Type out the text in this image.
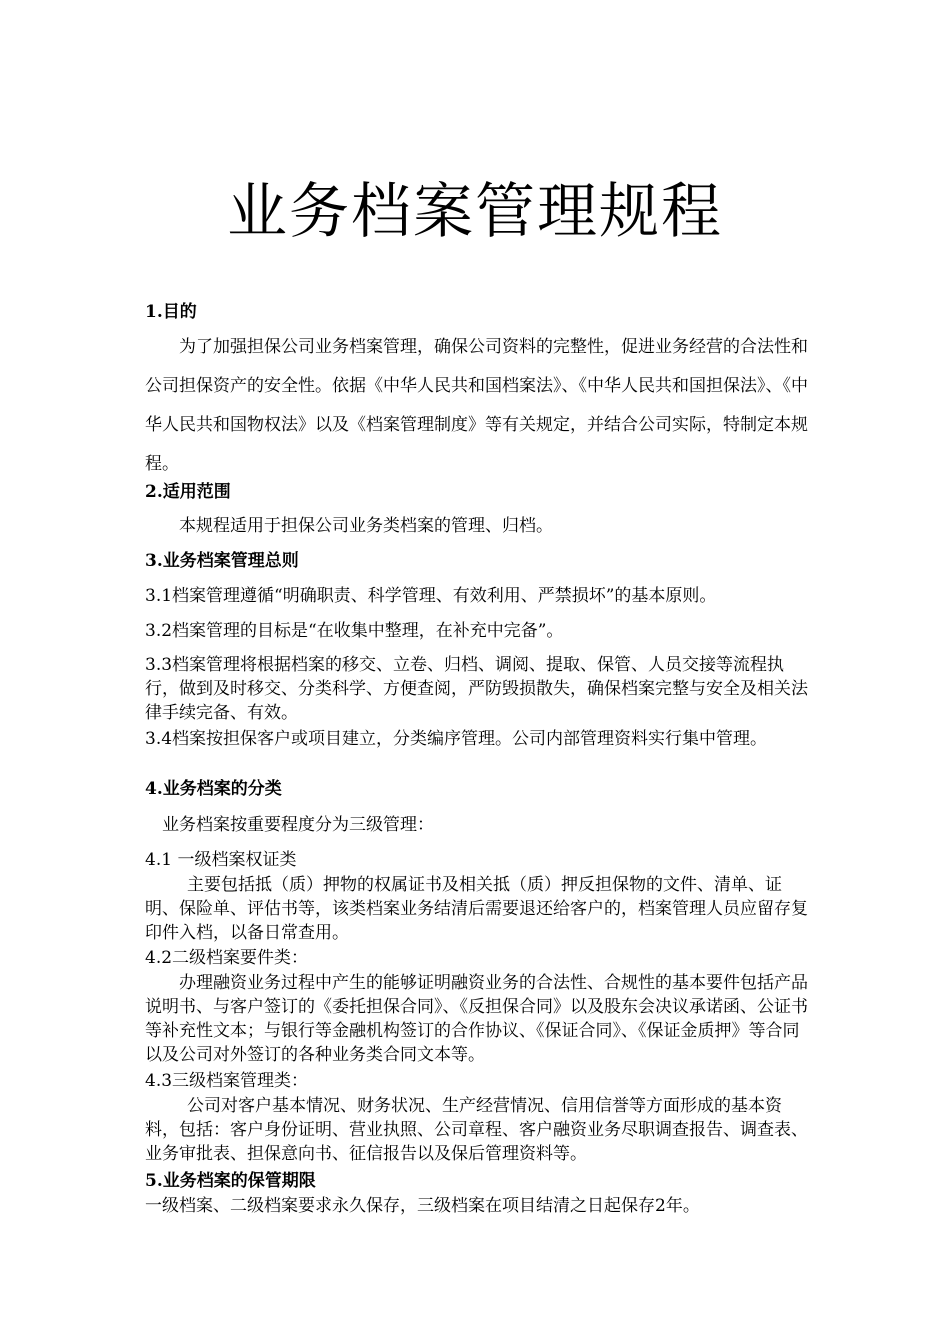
业务档案管理规程
1.目的
为了加强担保公司业务档案管理，确保公司资料的完整性，促进业务经营的合法性和公司担保资产的安全性。依据《中华人民共和国档案法》、《中华人民共和国担保法》、《中华人民共和国物权法》以及《档案管理制度》等有关规定，并结合公司实际，特制定本规程。
2.适用范围
本规程适用于担保公司业务类档案的管理、归档。
3.业务档案管理总则
3.1档案管理遵循“明确职责、科学管理、有效利用、严禁损坏”的基本原则。
3.2档案管理的目标是“在收集中整理，在补充中完备”。
3.3档案管理将根据档案的移交、立卷、归档、调阅、提取、保管、人员交接等流程执行，做到及时移交、分类科学、方便查阅，严防毁损散失，确保档案完整与安全及相关法律手续完备、有效。
3.4档案按担保客户或项目建立，分类编序管理。公司内部管理资料实行集中管理。
4.业务档案的分类
业务档案按重要程度分为三级管理：
4.1 一级档案权证类
主要包括抵（质）押物的权属证书及相关抵（质）押反担保物的文件、清单、证明、保险单、评估书等，该类档案业务结清后需要退还给客户的，档案管理人员应留存复印件入档，以备日常查用。
4.2二级档案要件类：
办理融资业务过程中产生的能够证明融资业务的合法性、合规性的基本要件包括产品说明书、与客户签订的《委托担保合同》、《反担保合同》以及股东会决议承诺函、公证书等补充性文本；与银行等金融机构签订的合作协议、《保证合同》、《保证金质押》等合同以及公司对外签订的各种业务类合同文本等。
4.3三级档案管理类：
公司对客户基本情况、财务状况、生产经营情况、信用信誉等方面形成的基本资料，包括：客户身份证明、营业执照、公司章程、客户融资业务尽职调查报告、调查表、业务审批表、担保意向书、征信报告以及保后管理资料等。
5.业务档案的保管期限
一级档案、二级档案要求永久保存，三级档案在项目结清之日起保存2年。
